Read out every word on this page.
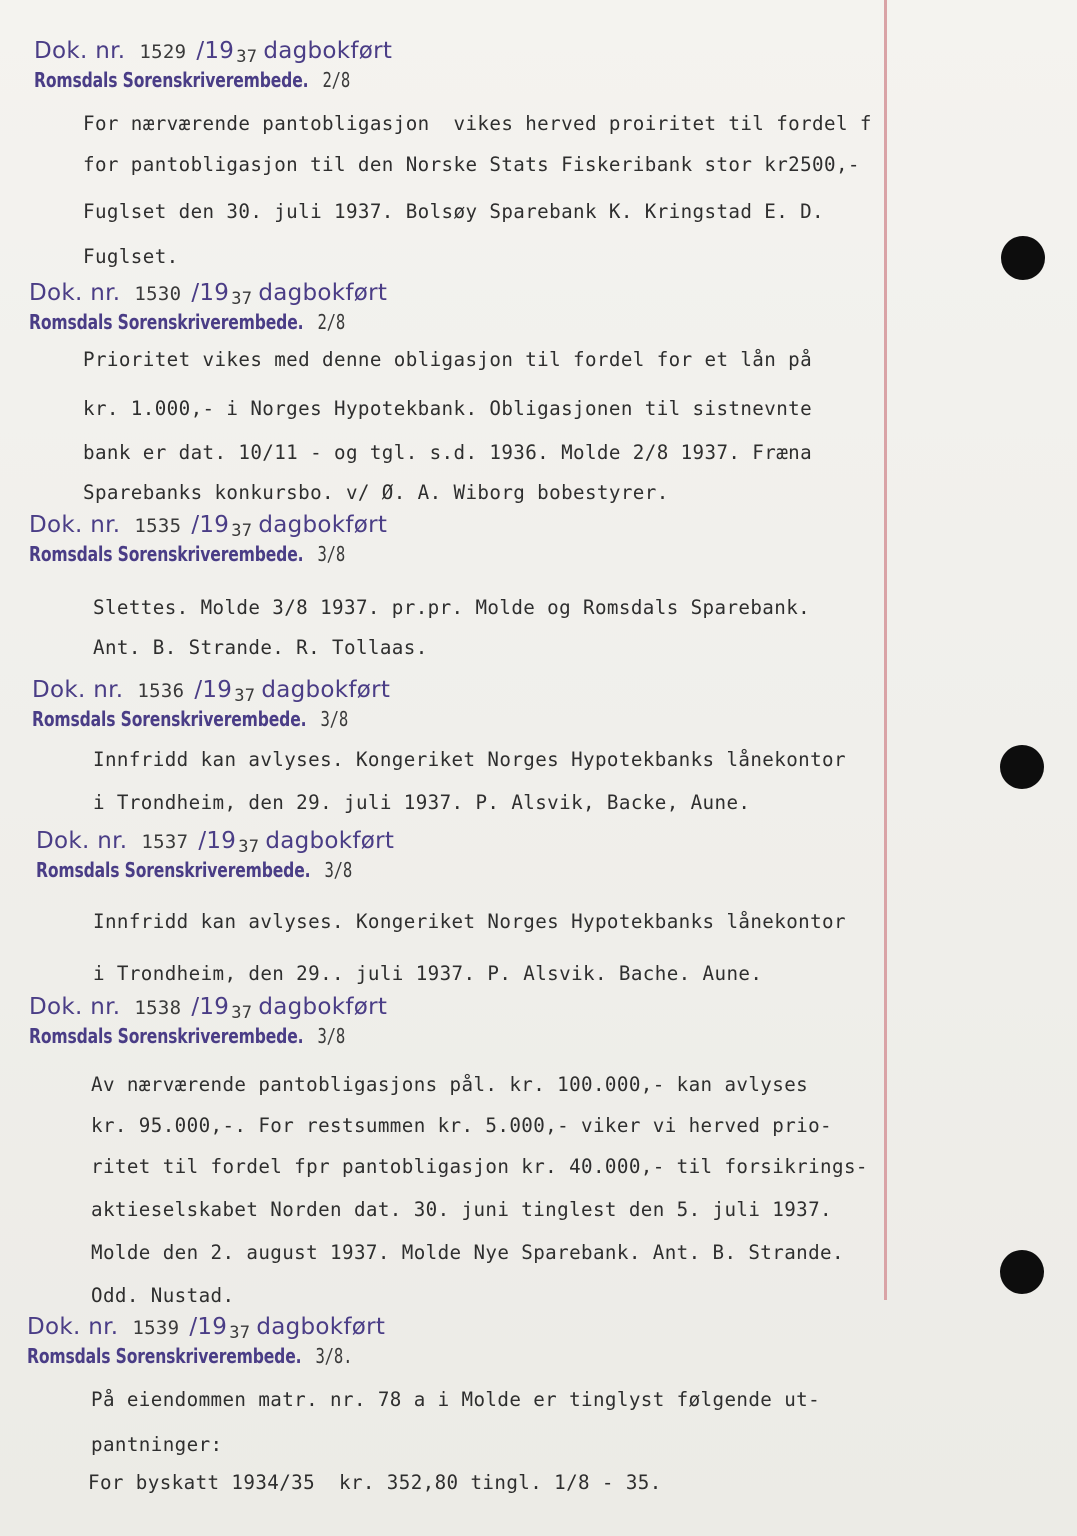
Dok. nr. 1529 /19 37 dagbokført
Romsdals Sorenskriverembede. 2/8
For nærværende pantobligasjon  vikes herved proiritet til fordel f
for pantobligasjon til den Norske Stats Fiskeribank stor kr2500,-
Fuglset den 30. juli 1937. Bolsøy Sparebank K. Kringstad E. D.
Fuglset.
Dok. nr. 1530 /19 37 dagbokført
Romsdals Sorenskriverembede. 2/8
Prioritet vikes med denne obligasjon til fordel for et lån på
kr. 1.000,- i Norges Hypotekbank. Obligasjonen til sistnevnte
bank er dat. 10/11 - og tgl. s.d. 1936. Molde 2/8 1937. Fræna
Sparebanks konkursbo. v/ Ø. A. Wiborg bobestyrer.
Dok. nr. 1535 /19 37 dagbokført
Romsdals Sorenskriverembede. 3/8
Slettes. Molde 3/8 1937. pr.pr. Molde og Romsdals Sparebank.
Ant. B. Strande. R. Tollaas.
Dok. nr. 1536 /19 37 dagbokført
Romsdals Sorenskriverembede. 3/8
Innfridd kan avlyses. Kongeriket Norges Hypotekbanks lånekontor
i Trondheim, den 29. juli 1937. P. Alsvik, Backe, Aune.
Dok. nr. 1537 /19 37 dagbokført
Romsdals Sorenskriverembede. 3/8
Innfridd kan avlyses. Kongeriket Norges Hypotekbanks lånekontor
i Trondheim, den 29.. juli 1937. P. Alsvik. Bache. Aune.
Dok. nr. 1538 /19 37 dagbokført
Romsdals Sorenskriverembede. 3/8
Av nærværende pantobligasjons pål. kr. 100.000,- kan avlyses
kr. 95.000,-. For restsummen kr. 5.000,- viker vi herved prio-
ritet til fordel fpr pantobligasjon kr. 40.000,- til forsikrings-
aktieselskabet Norden dat. 30. juni tinglest den 5. juli 1937.
Molde den 2. august 1937. Molde Nye Sparebank. Ant. B. Strande.
Odd. Nustad.
Dok. nr. 1539 /19 37 dagbokført
Romsdals Sorenskriverembede. 3/8.
På eiendommen matr. nr. 78 a i Molde er tinglyst følgende ut-
pantninger:
For byskatt 1934/35  kr. 352,80 tingl. 1/8 - 35.
